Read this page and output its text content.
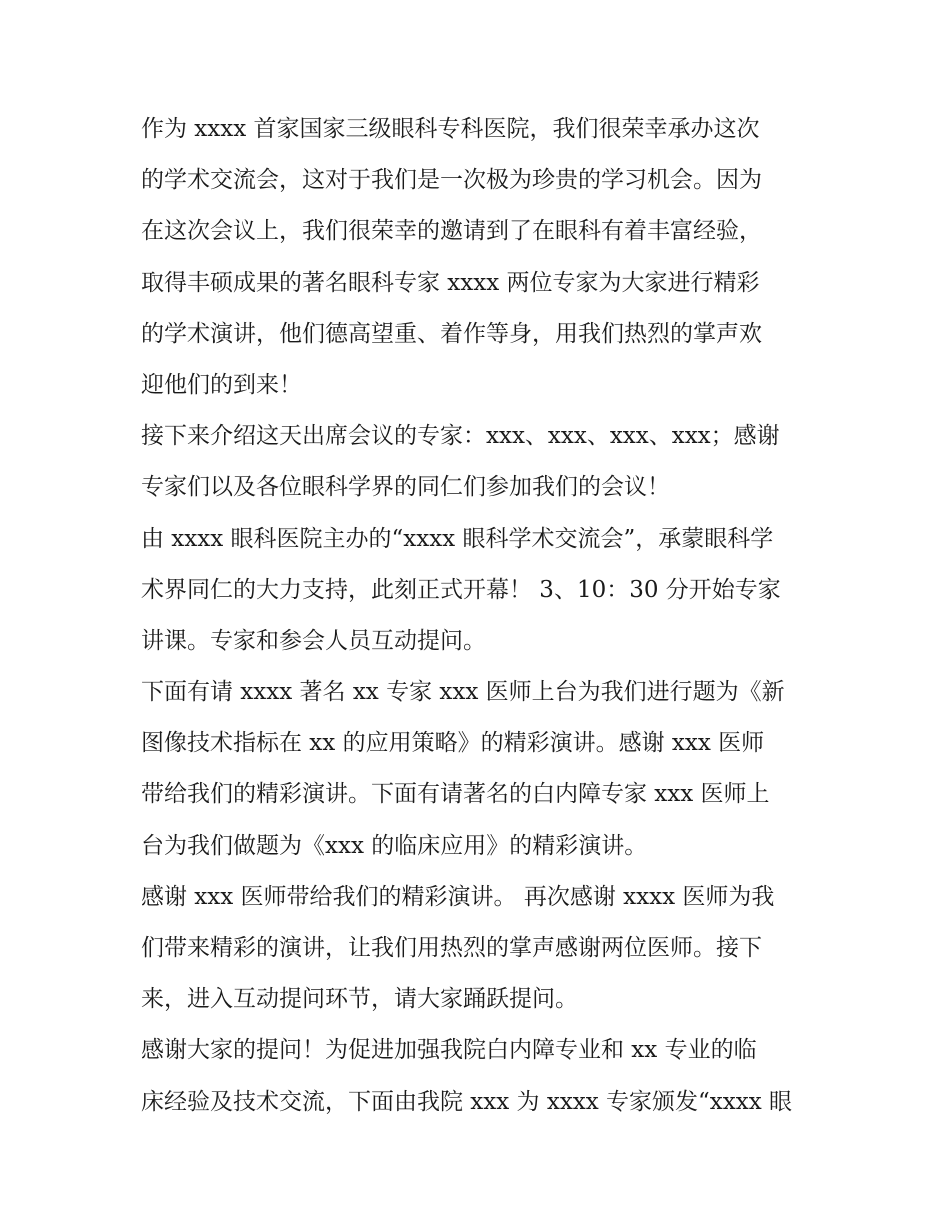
作为 xxxx 首家国家三级眼科专科医院，我们很荣幸承办这次
的学术交流会，这对于我们是一次极为珍贵的学习机会。因为
在这次会议上，我们很荣幸的邀请到了在眼科有着丰富经验，
取得丰硕成果的著名眼科专家 xxxx 两位专家为大家进行精彩
的学术演讲，他们德高望重、着作等身，用我们热烈的掌声欢
迎他们的到来！
接下来介绍这天出席会议的专家：xxx、xxx、xxx、xxx；感谢
专家们以及各位眼科学界的同仁们参加我们的会议！
由 xxxx 眼科医院主办的“xxxx 眼科学术交流会”，承蒙眼科学
术界同仁的大力支持，此刻正式开幕！ 3、10：30 分开始专家
讲课。专家和参会人员互动提问。
下面有请 xxxx 著名 xx 专家 xxx 医师上台为我们进行题为《新
图像技术指标在 xx 的应用策略》的精彩演讲。感谢 xxx 医师
带给我们的精彩演讲。下面有请著名的白内障专家 xxx 医师上
台为我们做题为《xxx 的临床应用》的精彩演讲。
感谢 xxx 医师带给我们的精彩演讲。 再次感谢 xxxx 医师为我
们带来精彩的演讲，让我们用热烈的掌声感谢两位医师。接下
来，进入互动提问环节，请大家踊跃提问。
感谢大家的提问！为促进加强我院白内障专业和 xx 专业的临
床经验及技术交流，下面由我院 xxx 为 xxxx 专家颁发“xxxx 眼
